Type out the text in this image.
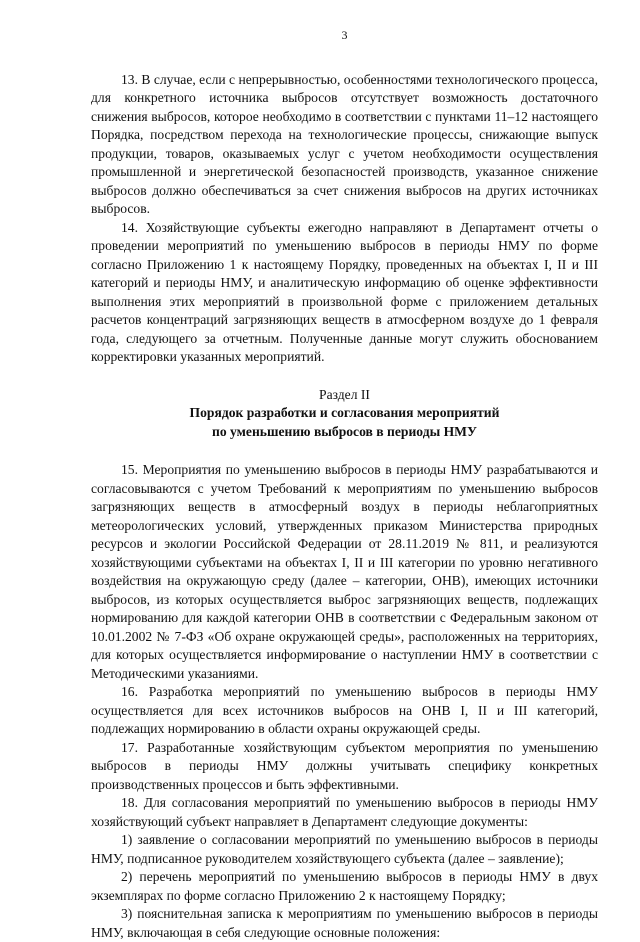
3

13. В случае, если с непрерывностью, особенностями технологического процесса, для конкретного источника выбросов отсутствует возможность достаточного снижения выбросов, которое необходимо в соответствии с пунктами 11–12 настоящего Порядка, посредством перехода на технологические процессы, снижающие выпуск продукции, товаров, оказываемых услуг с учетом необходимости осуществления промышленной и энергетической безопасностей производств, указанное снижение выбросов должно обеспечиваться за счет снижения выбросов на других источниках выбросов.

14. Хозяйствующие субъекты ежегодно направляют в Департамент отчеты о проведении мероприятий по уменьшению выбросов в периоды НМУ по форме согласно Приложению 1 к настоящему Порядку, проведенных на объектах I, II и III категорий и периоды НМУ, и аналитическую информацию об оценке эффективности выполнения этих мероприятий в произвольной форме с приложением детальных расчетов концентраций загрязняющих веществ в атмосферном воздухе до 1 февраля года, следующего за отчетным. Полученные данные могут служить обоснованием корректировки указанных мероприятий.

Раздел II

Порядок разработки и согласования мероприятий
по уменьшению выбросов в периоды НМУ

15. Мероприятия по уменьшению выбросов в периоды НМУ разрабатываются и согласовываются с учетом Требований к мероприятиям по уменьшению выбросов загрязняющих веществ в атмосферный воздух в периоды неблагоприятных метеорологических условий, утвержденных приказом Министерства природных ресурсов и экологии Российской Федерации от 28.11.2019 № 811, и реализуются хозяйствующими субъектами на объектах I, II и III категории по уровню негативного воздействия на окружающую среду (далее – категории, ОНВ), имеющих источники выбросов, из которых осуществляется выброс загрязняющих веществ, подлежащих нормированию для каждой категории ОНВ в соответствии с Федеральным законом от 10.01.2002 № 7-ФЗ «Об охране окружающей среды», расположенных на территориях, для которых осуществляется информирование о наступлении НМУ в соответствии с Методическими указаниями.

16. Разработка мероприятий по уменьшению выбросов в периоды НМУ осуществляется для всех источников выбросов на ОНВ I, II и III категорий, подлежащих нормированию в области охраны окружающей среды.

17. Разработанные хозяйствующим субъектом мероприятия по уменьшению выбросов в периоды НМУ должны учитывать специфику конкретных производственных процессов и быть эффективными.

18. Для согласования мероприятий по уменьшению выбросов в периоды НМУ хозяйствующий субъект направляет в Департамент следующие документы:

1) заявление о согласовании мероприятий по уменьшению выбросов в периоды НМУ, подписанное руководителем хозяйствующего субъекта (далее – заявление);

2) перечень мероприятий по уменьшению выбросов в периоды НМУ в двух экземплярах по форме согласно Приложению 2 к настоящему Порядку;

3) пояснительная записка к мероприятиям по уменьшению выбросов в периоды НМУ, включающая в себя следующие основные положения:
